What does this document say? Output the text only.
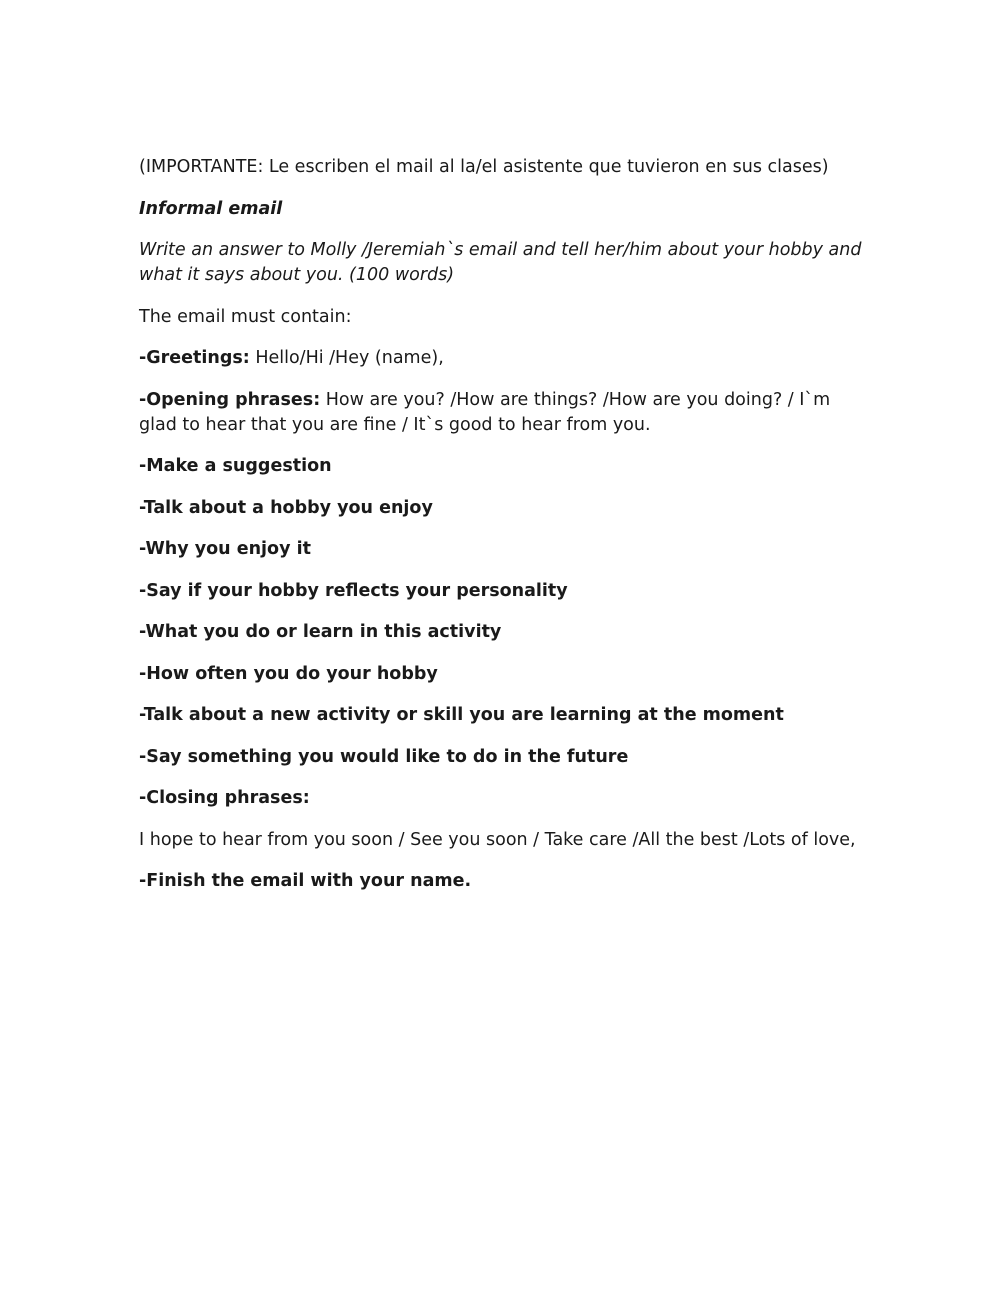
(IMPORTANTE: Le escriben el mail al la/el asistente que tuvieron en sus clases)

Informal email

Write an answer to Molly /Jeremiah`s email and tell her/him about your hobby and what it says about you. (100 words)

The email must contain:

-Greetings: Hello/Hi /Hey (name),

-Opening phrases: How are you? /How are things? /How are you doing? / I`m glad to hear that you are fine / It`s good to hear from you.

-Make a suggestion

-Talk about a hobby you enjoy

-Why you enjoy it

-Say if your hobby reflects your personality

-What you do or learn in this activity

-How often you do your hobby

-Talk about a new activity or skill you are learning at the moment

-Say something you would like to do in the future

-Closing phrases:

I hope to hear from you soon / See you soon / Take care /All the best /Lots of love,

-Finish the email with your name.
